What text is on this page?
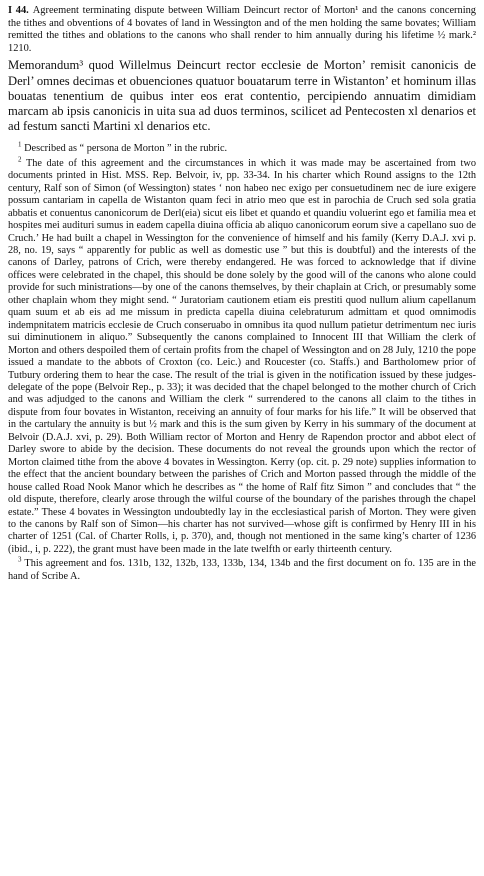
I 44. Agreement terminating dispute between William Deincurt rector of Morton¹ and the canons concerning the tithes and obventions of 4 bovates of land in Wessington and of the men holding the same bovates; William remitted the tithes and oblations to the canons who shall render to him annually during his lifetime ½ mark.² 1210.

Memorandum³ quod Willelmus Deincurt rector ecclesie de Morton’ remisit canonicis de Derl’ omnes decimas et obuenciones quatuor bouatarum terre in Wistanton’ et hominum illas bouatas tenentium de quibus inter eos erat contentio, percipiendo annuatim dimidiam marcam ab ipsis canonicis in uita sua ad duos terminos, scilicet ad Pentecosten xl denarios et ad festum sancti Martini xl denarios etc.

$^1$ Described as “ persona de Morton ” in the rubric.

$^2$ The date of this agreement and the circumstances in which it was made may be ascertained from two documents printed in Hist. MSS. Rep. Belvoir, iv, pp. 33-34. In his charter which Round assigns to the 12th century, Ralf son of Simon (of Wessington) states ‘ non habeo nec exigo per consuetudinem nec de iure exigere possum cantariam in capella de Wistanton quam feci in atrio meo que est in parochia de Cruch sed sola gratia abbatis et conuentus canonicorum de Derl(eia) sicut eis libet et quando et quandiu voluerint ego et familia mea et hospites mei audituri sumus in eadem capella diuina officia ab aliquo canonicorum eorum sive a capellano suo de Cruch.’ He had built a chapel in Wessington for the convenience of himself and his family (Kerry D.A.J. xvi p. 28, no. 19, says “ apparently for public as well as domestic use ” but this is doubtful) and the interests of the canons of Darley, patrons of Crich, were thereby endangered. He was forced to acknowledge that if divine offices were celebrated in the chapel, this should be done solely by the good will of the canons who alone could provide for such ministrations—by one of the canons themselves, by their chaplain at Crich, or presumably some other chaplain whom they might send. “ Juratoriam cautionem etiam eis prestiti quod nullum alium capellanum quam suum et ab eis ad me missum in predicta capella diuina celebraturum admittam et quod omnimodis indempnitatem matricis ecclesie de Cruch conseruabo in omnibus ita quod nullum patietur detrimentum nec iuris sui diminutionem in aliquo.” Subsequently the canons complained to Innocent III that William the clerk of Morton and others despoiled them of certain profits from the chapel of Wessington and on 28 July, 1210 the pope issued a mandate to the abbots of Croxton (co. Leic.) and Roucester (co. Staffs.) and Bartholomew prior of Tutbury ordering them to hear the case. The result of the trial is given in the notification issued by these judges-delegate of the pope (Belvoir Rep., p. 33); it was decided that the chapel belonged to the mother church of Crich and was adjudged to the canons and William the clerk “ surrendered to the canons all claim to the tithes in dispute from four bovates in Wistanton, receiving an annuity of four marks for his life.” It will be observed that in the cartulary the annuity is but ½ mark and this is the sum given by Kerry in his summary of the document at Belvoir (D.A.J. xvi, p. 29). Both William rector of Morton and Henry de Rapendon proctor and abbot elect of Darley swore to abide by the decision. These documents do not reveal the grounds upon which the rector of Morton claimed tithe from the above 4 bovates in Wessington. Kerry (op. cit. p. 29 note) supplies information to the effect that the ancient boundary between the parishes of Crich and Morton passed through the middle of the house called Road Nook Manor which he describes as “ the home of Ralf fitz Simon ” and concludes that “ the old dispute, therefore, clearly arose through the wilful course of the boundary of the parishes through the chapel estate.” These 4 bovates in Wessington undoubtedly lay in the ecclesiastical parish of Morton. They were given to the canons by Ralf son of Simon—his charter has not survived—whose gift is confirmed by Henry III in his charter of 1251 (Cal. of Charter Rolls, i, p. 370), and, though not mentioned in the same king’s charter of 1236 (ibid., i, p. 222), the grant must have been made in the late twelfth or early thirteenth century.

$^3$ This agreement and fos. 131b, 132, 132b, 133, 133b, 134, 134b and the first document on fo. 135 are in the hand of Scribe A.
